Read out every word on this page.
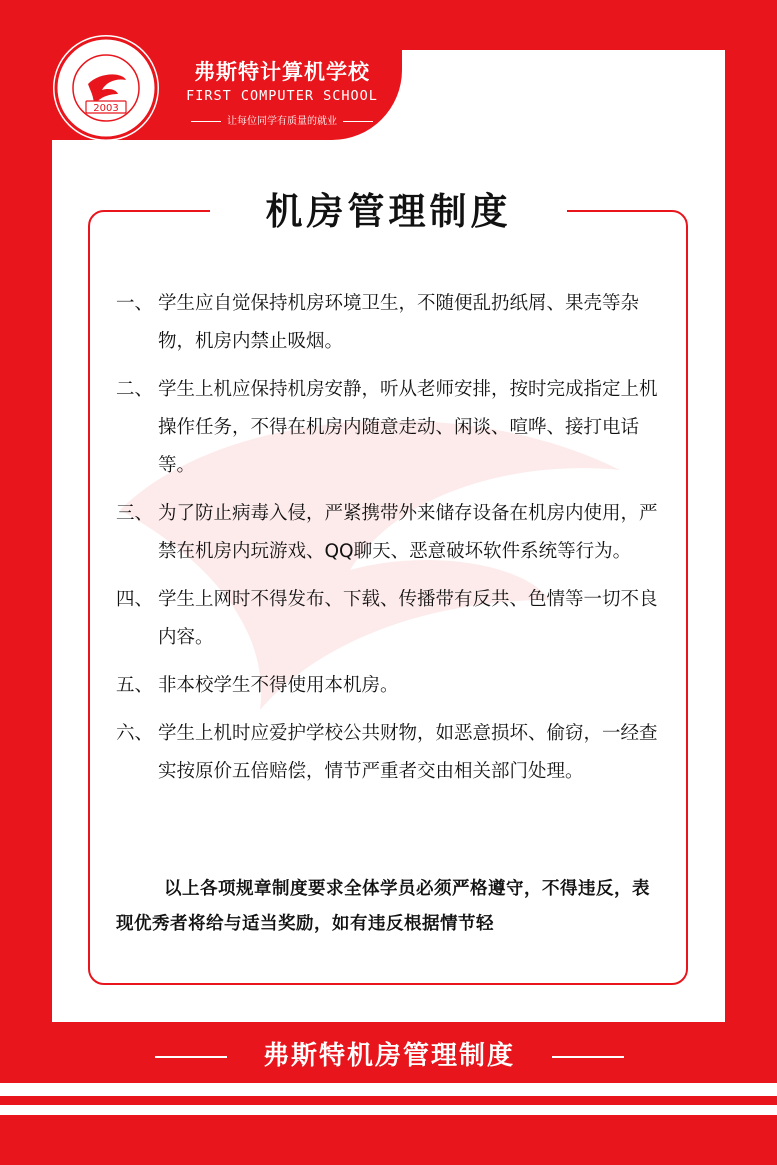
2003
弗斯特计算机学校
FIRST COMPUTER SCHOOL
让每位同学有质量的就业
机房管理制度
一、 学生应自觉保持机房环境卫生，不随便乱扔纸屑、果壳等杂物，机房内禁止吸烟。
二、 学生上机应保持机房安静，听从老师安排，按时完成指定上机操作任务，不得在机房内随意走动、闲谈、喧哗、接打电话等。
三、 为了防止病毒入侵，严紧携带外来储存设备在机房内使用，严禁在机房内玩游戏、QQ聊天、恶意破坏软件系统等行为。
四、 学生上网时不得发布、下载、传播带有反共、色情等一切不良内容。
五、 非本校学生不得使用本机房。
六、 学生上机时应爱护学校公共财物，如恶意损坏、偷窃，一经查实按原价五倍赔偿，情节严重者交由相关部门处理。
以上各项规章制度要求全体学员必须严格遵守，不得违反，表现优秀者将给与适当奖励，如有违反根据情节轻
弗斯特机房管理制度
